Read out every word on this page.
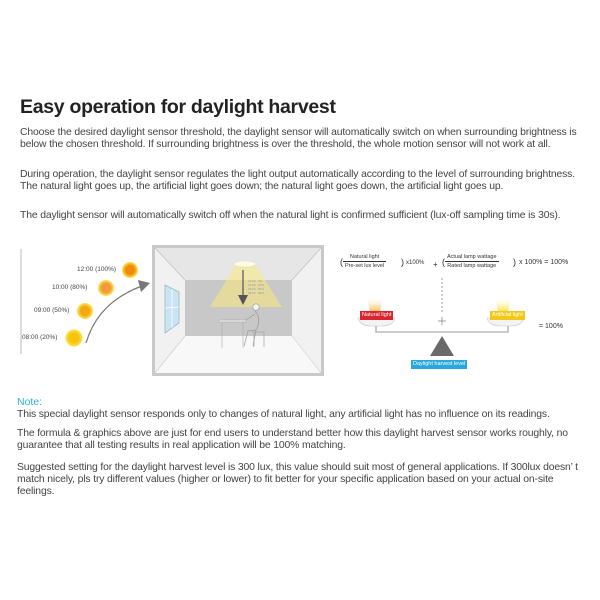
Easy operation for daylight harvest

Choose the desired daylight sensor threshold, the daylight sensor will automatically switch on when surrounding brightness is below the chosen threshold. If surrounding brightness is over the threshold, the whole motion sensor will not work at all.

During operation, the daylight sensor regulates the light output automatically according to the level of surrounding brightness. The natural light goes up, the artificial light goes down; the natural light goes down, the artificial light goes up.

The daylight sensor will automatically switch off when the natural light is confirmed sufficient (lux-off sampling time is 30s).

12:00 (100%)
10:00 (80%)
09:00 (50%)
08:00 (20%)
12:00 0%
10:00 20%
09:00 50%
08:00 80%
(	Natural light
Pre-set lux level ) x100% + ( Actual lamp wattage
Rated lamp wattage ) x 100% = 100%
Natural light	Artificial light
= 100%
Daylight harvest level
Note:

This special daylight sensor responds only to changes of natural light, any artificial light has no influence on its readings.

The formula & graphics above are just for end users to understand better how this daylight harvest sensor works roughly, no guarantee that all testing results in real application will be 100% matching.

Suggested setting for the daylight harvest level is 300 lux, this value should suit most of general applications. If 300lux doesn’ t match nicely, pls try different values (higher or lower) to fit better for your specific application based on your actual on-site feelings.
